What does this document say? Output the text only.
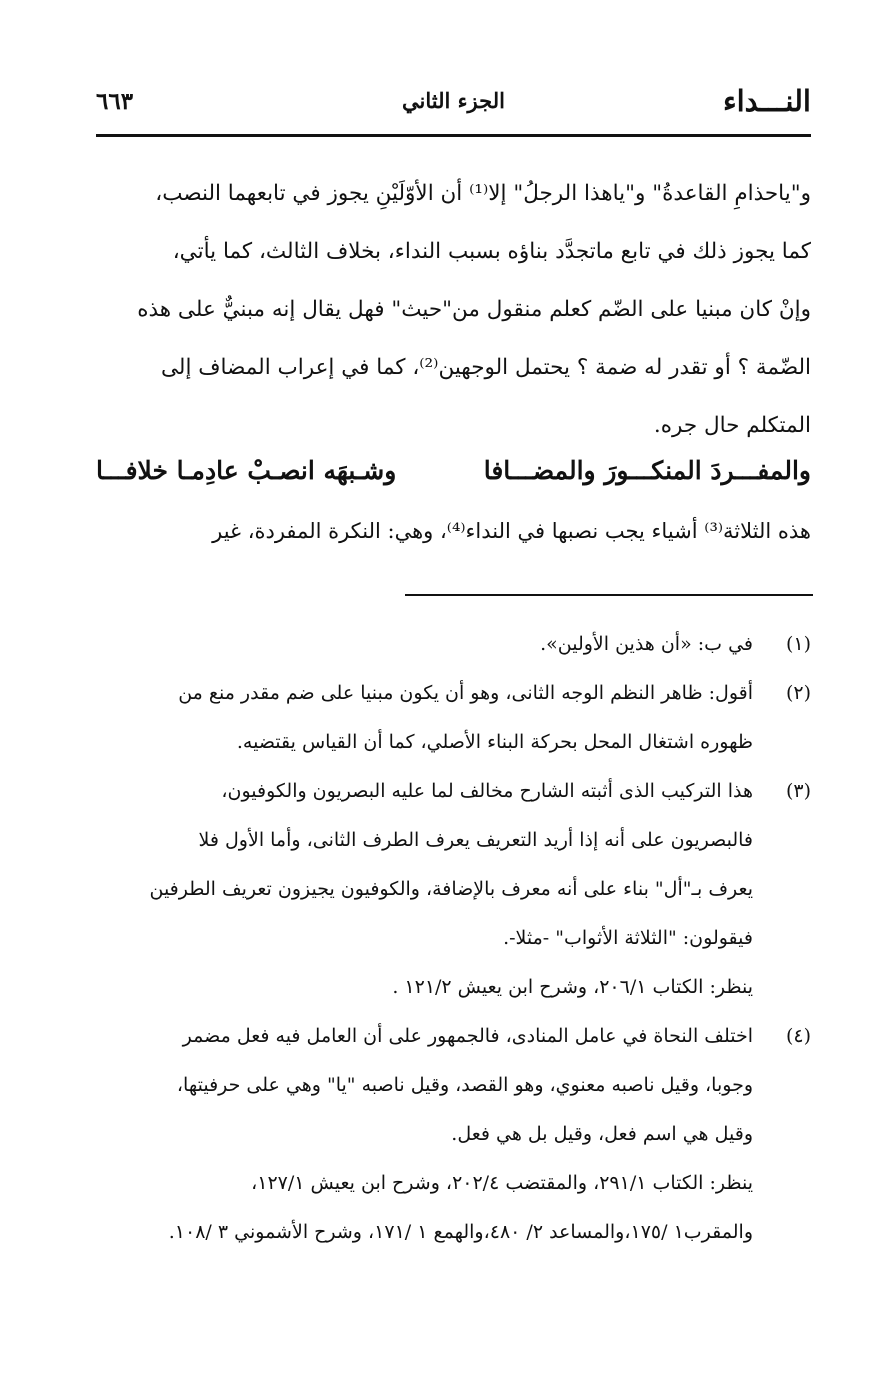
النـــداء
الجزء الثاني
٦٦٣

و"ياحذامِ القاعدةُ" و"ياهذا الرجلُ" إلا⁽¹⁾ أن الأوّلَيْنِ يجوز في تابعهما النصب،

كما يجوز ذلك في تابع ماتجدَّد بناؤه بسبب النداء، بخلاف الثالث، كما يأتي،

وإنْ كان مبنيا على الضّم كعلم منقول من"حيث" فهل يقال إنه مبنيٌّ على هذه

الضّمة ؟ أو تقدر له ضمة ؟ يحتمل الوجهين⁽²⁾، كما في إعراب المضاف إلى

المتكلم حال جره.

والمفـــردَ المنكـــورَ والمضـــافا
وشـبهَه انصـبْ عادِمـا خلافـــا

هذه الثلاثة⁽³⁾ أشياء يجب نصبها في النداء⁽⁴⁾، وهي: النكرة المفردة، غير

(١)

في ب: «أن هذين الأولين».

(٢)

أقول: ظاهر النظم الوجه الثانى، وهو أن يكون مبنيا على ضم مقدر منع من

ظهوره اشتغال المحل بحركة البناء الأصلي، كما أن القياس يقتضيه.

(٣)

هذا التركيب الذى أثبته الشارح مخالف لما عليه البصريون والكوفيون،

فالبصريون على أنه إذا أريد التعريف يعرف الطرف الثانى، وأما الأول فلا

يعرف بـ"أل" بناء على أنه معرف بالإضافة، والكوفيون يجيزون تعريف الطرفين

فيقولون: "الثلاثة الأثواب" -مثلا-.

ينظر: الكتاب ٢٠٦/١، وشرح ابن يعيش ١٢١/٢ .

(٤)

اختلف النحاة في عامل المنادى، فالجمهور على أن العامل فيه فعل مضمر

وجوبا، وقيل ناصبه معنوي، وهو القصد، وقيل ناصبه "يا" وهي على حرفيتها،

وقيل هي اسم فعل، وقيل بل هي فعل.

ينظر: الكتاب ٢٩١/١، والمقتضب ٢٠٢/٤، وشرح ابن يعيش ١٢٧/١،

والمقرب١ /١٧٥،والمساعد ٢/ ٤٨٠،والهمع ١ /١٧١، وشرح الأشموني ٣ /١٠٨.
